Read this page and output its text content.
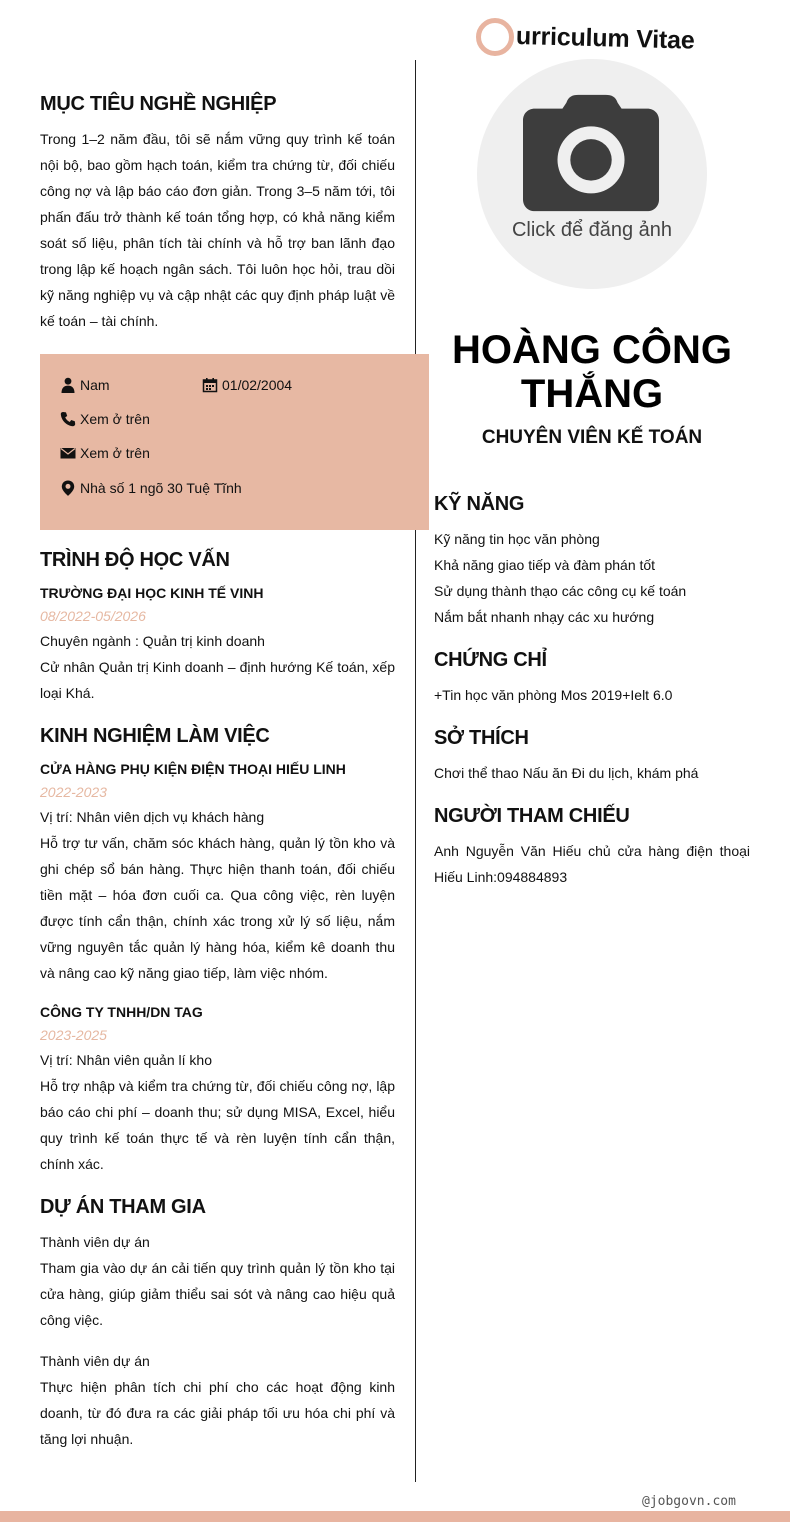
MỤC TIÊU NGHỀ NGHIỆP
Trong 1–2 năm đầu, tôi sẽ nắm vững quy trình kế toán nội bộ, bao gồm hạch toán, kiểm tra chứng từ, đối chiếu công nợ và lập báo cáo đơn giản. Trong 3–5 năm tới, tôi phấn đấu trở thành kế toán tổng hợp, có khả năng kiểm soát số liệu, phân tích tài chính và hỗ trợ ban lãnh đạo trong lập kế hoạch ngân sách. Tôi luôn học hỏi, trau dồi kỹ năng nghiệp vụ và cập nhật các quy định pháp luật về kế toán – tài chính.
Nam	01/02/2004
Xem ở trên
Xem ở trên
Nhà số 1 ngõ 30 Tuệ Tĩnh
TRÌNH ĐỘ HỌC VẤN
TRƯỜNG ĐẠI HỌC KINH TẾ VINH
08/2022-05/2026
Chuyên ngành : Quản trị kinh doanh
Cử nhân Quản trị Kinh doanh – định hướng Kế toán, xếp loại Khá.
KINH NGHIỆM LÀM VIỆC
CỬA HÀNG PHỤ KIỆN ĐIỆN THOẠI HIẾU LINH
2022-2023
Vị trí: Nhân viên dịch vụ khách hàng
Hỗ trợ tư vấn, chăm sóc khách hàng, quản lý tồn kho và ghi chép sổ bán hàng. Thực hiện thanh toán, đối chiếu tiền mặt – hóa đơn cuối ca. Qua công việc, rèn luyện được tính cẩn thận, chính xác trong xử lý số liệu, nắm vững nguyên tắc quản lý hàng hóa, kiểm kê doanh thu và nâng cao kỹ năng giao tiếp, làm việc nhóm.
CÔNG TY TNHH/DN TAG
2023-2025
Vị trí: Nhân viên quản lí kho
Hỗ trợ nhập và kiểm tra chứng từ, đối chiếu công nợ, lập báo cáo chi phí – doanh thu; sử dụng MISA, Excel, hiểu quy trình kế toán thực tế và rèn luyện tính cẩn thận, chính xác.
DỰ ÁN THAM GIA
Thành viên dự án
Tham gia vào dự án cải tiến quy trình quản lý tồn kho tại cửa hàng, giúp giảm thiểu sai sót và nâng cao hiệu quả công việc.
Thành viên dự án
Thực hiện phân tích chi phí cho các hoạt động kinh doanh, từ đó đưa ra các giải pháp tối ưu hóa chi phí và tăng lợi nhuận.
C urriculum Vitae
Click để đăng ảnh
HOÀNG CÔNG THẮNG
CHUYÊN VIÊN KẾ TOÁN
KỸ NĂNG
Kỹ năng tin học văn phòng
Khả năng giao tiếp và đàm phán tốt
Sử dụng thành thạo các công cụ kế toán
Nắm bắt nhanh nhạy các xu hướng
CHỨNG CHỈ
+Tin học văn phòng Mos 2019+Ielt 6.0
SỞ THÍCH
Chơi thể thao Nấu ăn Đi du lịch, khám phá
NGƯỜI THAM CHIẾU
Anh Nguyễn Văn Hiếu chủ cửa hàng điện thoại Hiếu Linh:094884893
@jobgovn.com
